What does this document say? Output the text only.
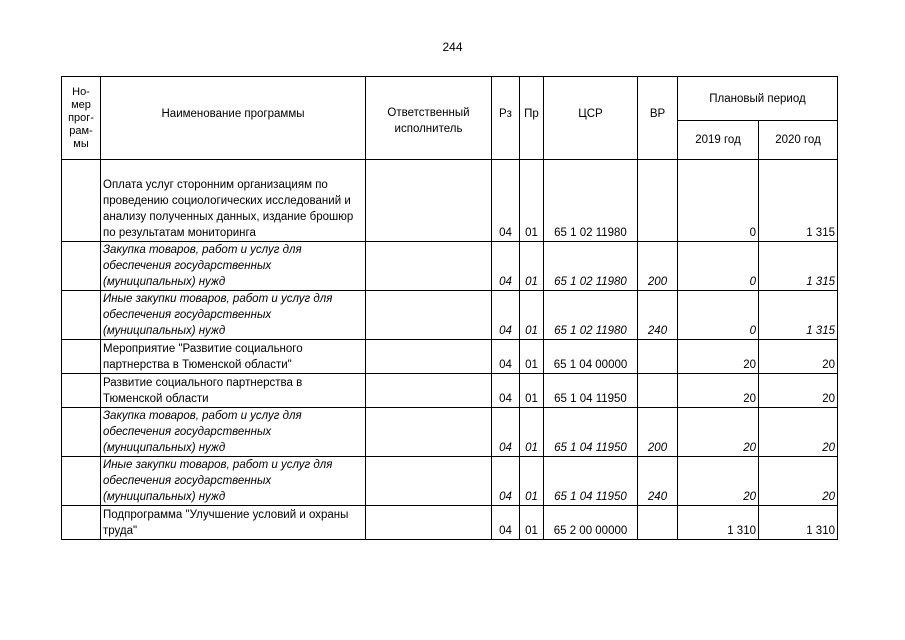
244
Но-
мер
прог-
рам-
мы	Наименование программы	Ответственный исполнитель	Рз	Пр	ЦСР	ВР	Плановый период	
							2019 год	2020 год
	Оплата услуг сторонним организациям по проведению социологических исследований и анализу полученных данных, издание брошюр по результатам мониторинга		04	01	65 1 02 11980		0	1 315
	Закупка товаров, работ и услуг для обеспечения государственных (муниципальных) нужд		04	01	65 1 02 11980	200	0	1 315
	Иные закупки товаров, работ и услуг для обеспечения государственных (муниципальных) нужд		04	01	65 1 02 11980	240	0	1 315
	Мероприятие "Развитие социального партнерства в Тюменской области"		04	01	65 1 04 00000		20	20
	Развитие социального партнерства в Тюменской области		04	01	65 1 04 11950		20	20
	Закупка товаров, работ и услуг для обеспечения государственных (муниципальных) нужд		04	01	65 1 04 11950	200	20	20
	Иные закупки товаров, работ и услуг для обеспечения государственных (муниципальных) нужд		04	01	65 1 04 11950	240	20	20
	Подпрограмма "Улучшение условий и охраны труда"		04	01	65 2 00 00000		1 310	1 310
